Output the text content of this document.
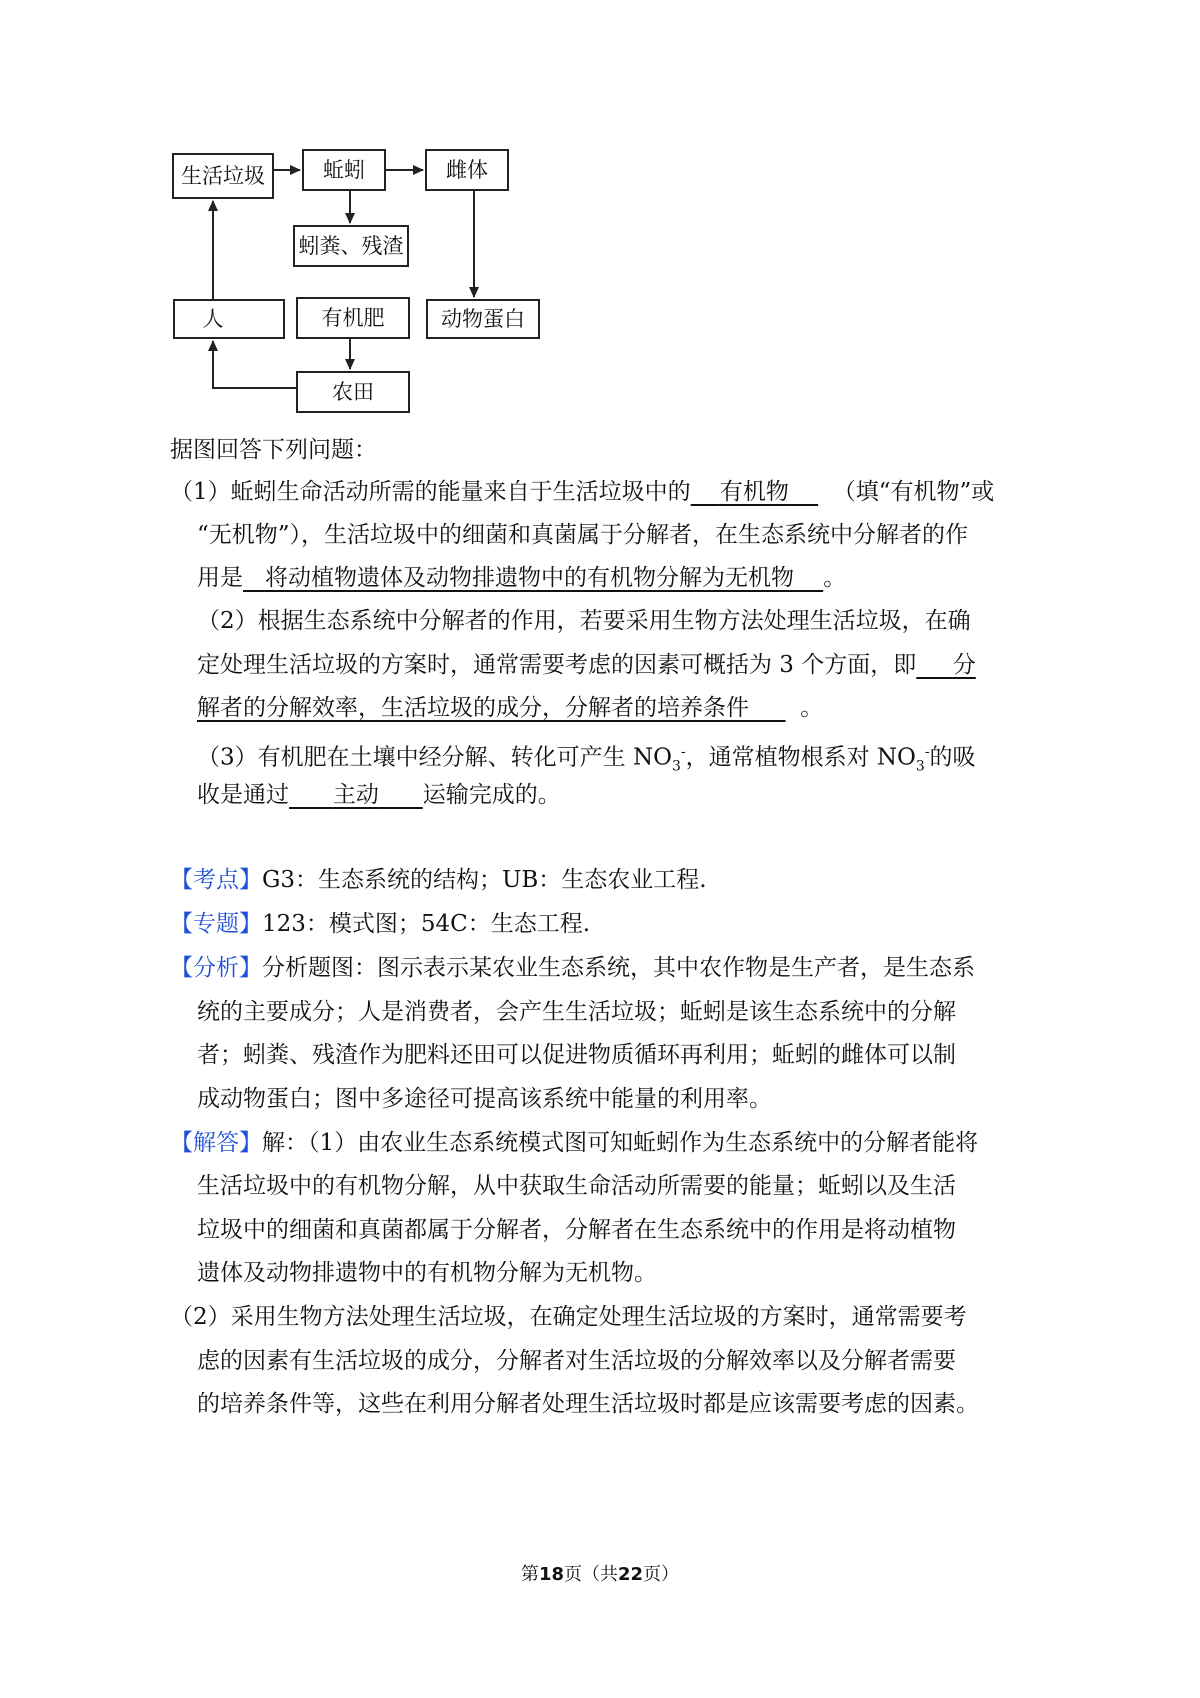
生活垃圾	蚯蚓	雌体
蚓粪、残渣
人	有机肥	动物蛋白
农田
据图回答下列问题：
（1）蚯蚓生命活动所需的能量来自于生活垃圾中的 有机物 （填“有机物”或
“无机物”），生活垃圾中的细菌和真菌属于分解者，在生态系统中分解者的作
用是 将动植物遗体及动物排遗物中的有机物分解为无机物 。
（2）根据生态系统中分解者的作用，若要采用生物方法处理生活垃圾，在确
定处理生活垃圾的方案时，通常需要考虑的因素可概括为 3 个方面，即 分
解者的分解效率，生活垃圾的成分，分解者的培养条件 。
（3）有机肥在土壤中经分解、转化可产生 $NO_3^-$，通常植物根系对 $NO_3^-$的吸
收是通过 主动 运输完成的。
【考点】G3：生态系统的结构；UB：生态农业工程.
【专题】123：模式图；54C：生态工程.
【分析】分析题图：图示表示某农业生态系统，其中农作物是生产者，是生态系
统的主要成分；人是消费者，会产生生活垃圾；蚯蚓是该生态系统中的分解
者；蚓粪、残渣作为肥料还田可以促进物质循环再利用；蚯蚓的雌体可以制
成动物蛋白；图中多途径可提高该系统中能量的利用率。
【解答】解：（1）由农业生态系统模式图可知蚯蚓作为生态系统中的分解者能将
生活垃圾中的有机物分解，从中获取生命活动所需要的能量；蚯蚓以及生活
垃圾中的细菌和真菌都属于分解者，分解者在生态系统中的作用是将动植物
遗体及动物排遗物中的有机物分解为无机物。
（2）采用生物方法处理生活垃圾，在确定处理生活垃圾的方案时，通常需要考
虑的因素有生活垃圾的成分，分解者对生活垃圾的分解效率以及分解者需要
的培养条件等，这些在利用分解者处理生活垃圾时都是应该需要考虑的因素。
第18页（共22页）
